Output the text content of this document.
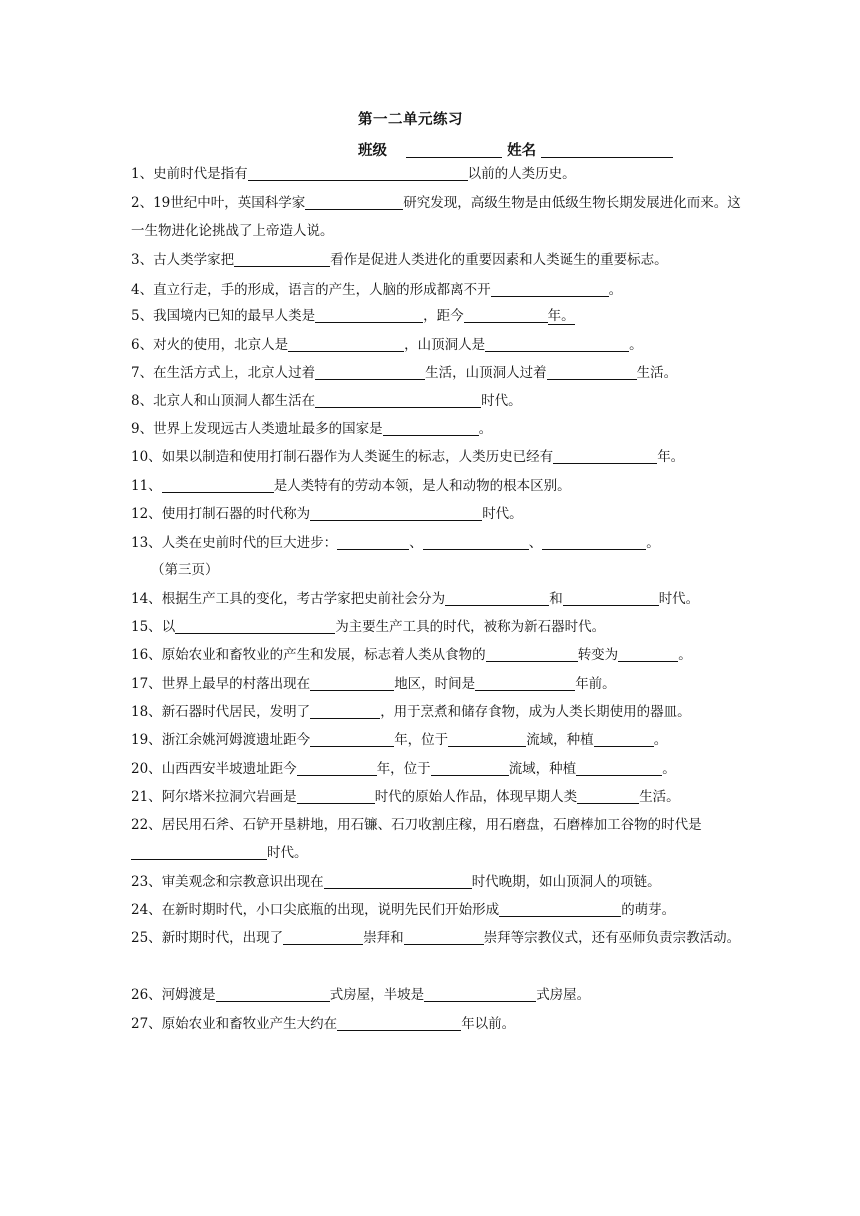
第一二单元练习
班级	姓名
1、史前时代是指有	以前的人类历史。
2、19世纪中叶，英国科学家	研究发现，高级生物是由低级生物长期发展进化而来。这一生物进化论挑战了上帝造人说。
3、古人类学家把	看作是促进人类进化的重要因素和人类诞生的重要标志。
4、直立行走，手的形成，语言的产生，人脑的形成都离不开	。
5、我国境内已知的最早人类是	，距今	年。
6、对火的使用，北京人是	，山顶洞人是	。
7、在生活方式上，北京人过着	生活，山顶洞人过着	生活。
8、北京人和山顶洞人都生活在	时代。
9、世界上发现远古人类遗址最多的国家是	。
10、如果以制造和使用打制石器作为人类诞生的标志，人类历史已经有	年。
11、	是人类特有的劳动本领，是人和动物的根本区别。
12、使用打制石器的时代称为	时代。
13、人类在史前时代的巨大进步：	、	、	。
（第三页）
14、根据生产工具的变化，考古学家把史前社会分为	和	时代。
15、以	为主要生产工具的时代，被称为新石器时代。
16、原始农业和畜牧业的产生和发展，标志着人类从食物的	转变为	。
17、世界上最早的村落出现在	地区，时间是	年前。
18、新石器时代居民，发明了	，用于烹煮和储存食物，成为人类长期使用的器皿。
19、浙江余姚河姆渡遗址距今	年，位于	流域，种植	。
20、山西西安半坡遗址距今	年，位于	流域，种植	。
21、阿尔塔米拉洞穴岩画是	时代的原始人作品，体现早期人类	生活。
22、居民用石斧、石铲开垦耕地，用石镰、石刀收割庄稼，用石磨盘，石磨棒加工谷物的时代是时代。
23、审美观念和宗教意识出现在	时代晚期，如山顶洞人的项链。
24、在新时期时代，小口尖底瓶的出现，说明先民们开始形成	的萌芽。
25、新时期时代，出现了	崇拜和	崇拜等宗教仪式，还有巫师负责宗教活动。
26、河姆渡是	式房屋，半坡是	式房屋。
27、原始农业和畜牧业产生大约在	年以前。
